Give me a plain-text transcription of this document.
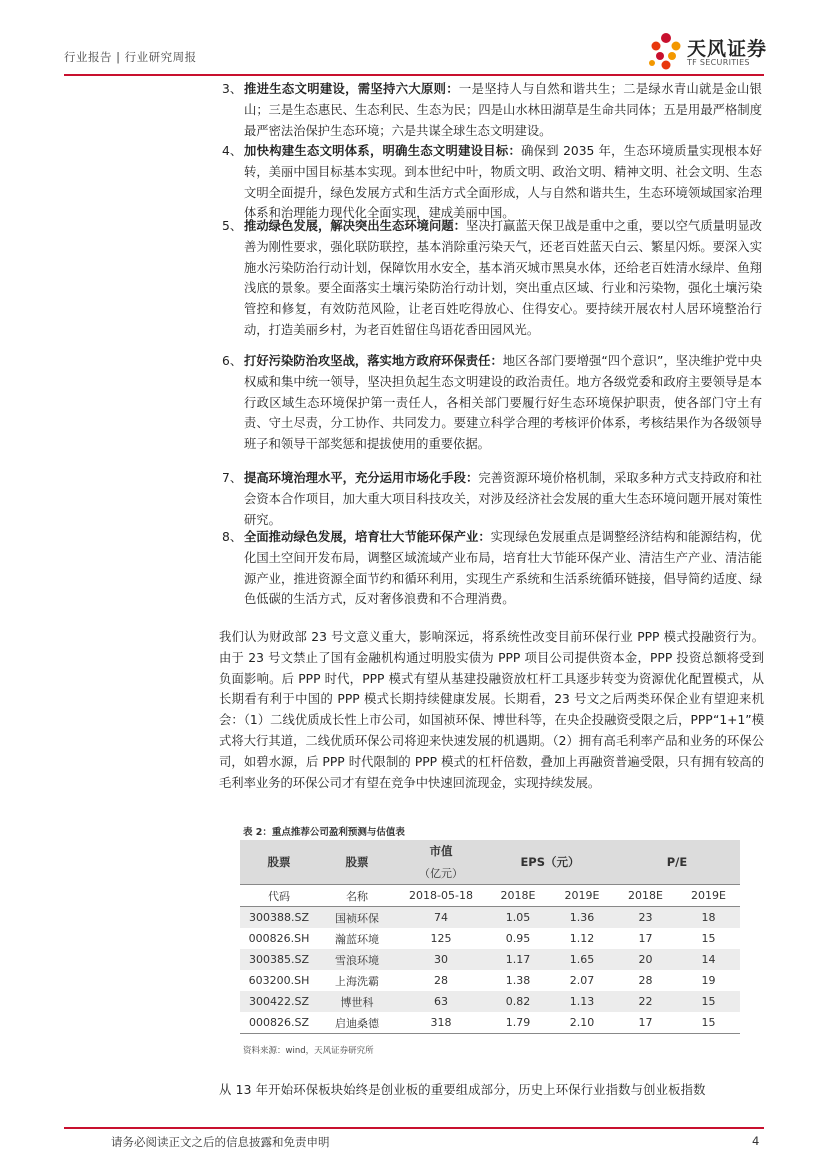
行业报告 | 行业研究周报	天风证券
TF SECURITIES
3、 推进生态文明建设，需坚持六大原则：一是坚持人与自然和谐共生；二是绿水青山就是金山银山；三是生态惠民、生态利民、生态为民；四是山水林田湖草是生命共同体；五是用最严格制度最严密法治保护生态环境；六是共谋全球生态文明建设。
4、 加快构建生态文明体系，明确生态文明建设目标：确保到 2035 年，生态环境质量实现根本好转，美丽中国目标基本实现。到本世纪中叶，物质文明、政治文明、精神文明、社会文明、生态文明全面提升，绿色发展方式和生活方式全面形成，人与自然和谐共生，生态环境领域国家治理体系和治理能力现代化全面实现，建成美丽中国。
5、 推动绿色发展，解决突出生态环境问题：坚决打赢蓝天保卫战是重中之重，要以空气质量明显改善为刚性要求，强化联防联控，基本消除重污染天气，还老百姓蓝天白云、繁星闪烁。要深入实施水污染防治行动计划，保障饮用水安全，基本消灭城市黑臭水体，还给老百姓清水绿岸、鱼翔浅底的景象。要全面落实土壤污染防治行动计划，突出重点区域、行业和污染物，强化土壤污染管控和修复，有效防范风险，让老百姓吃得放心、住得安心。要持续开展农村人居环境整治行动，打造美丽乡村，为老百姓留住鸟语花香田园风光。
6、 打好污染防治攻坚战，落实地方政府环保责任：地区各部门要增强“四个意识”，坚决维护党中央权威和集中统一领导，坚决担负起生态文明建设的政治责任。地方各级党委和政府主要领导是本行政区域生态环境保护第一责任人，各相关部门要履行好生态环境保护职责，使各部门守土有责、守土尽责，分工协作、共同发力。要建立科学合理的考核评价体系，考核结果作为各级领导班子和领导干部奖惩和提拔使用的重要依据。
7、 提高环境治理水平，充分运用市场化手段：完善资源环境价格机制，采取多种方式支持政府和社会资本合作项目，加大重大项目科技攻关，对涉及经济社会发展的重大生态环境问题开展对策性研究。
8、 全面推动绿色发展，培育壮大节能环保产业：实现绿色发展重点是调整经济结构和能源结构，优化国土空间开发布局，调整区域流域产业布局，培育壮大节能环保产业、清洁生产产业、清洁能源产业，推进资源全面节约和循环利用，实现生产系统和生活系统循环链接，倡导简约适度、绿色低碳的生活方式，反对奢侈浪费和不合理消费。
我们认为财政部 23 号文意义重大，影响深远，将系统性改变目前环保行业 PPP 模式投融资行为。由于 23 号文禁止了国有金融机构通过明股实债为 PPP 项目公司提供资本金，PPP 投资总额将受到负面影响。后 PPP 时代，PPP 模式有望从基建投融资放杠杆工具逐步转变为资源优化配置模式，从长期看有利于中国的 PPP 模式长期持续健康发展。长期看，23 号文之后两类环保企业有望迎来机会：（1）二线优质成长性上市公司，如国祯环保、博世科等，在央企投融资受限之后，PPP“1+1”模式将大行其道，二线优质环保公司将迎来快速发展的机遇期。（2）拥有高毛利率产品和业务的环保公司，如碧水源，后 PPP 时代限制的 PPP 模式的杠杆倍数，叠加上再融资普遍受限，只有拥有较高的毛利率业务的环保公司才有望在竞争中快速回流现金，实现持续发展。
表 2：重点推荐公司盈利预测与估值表
股票	股票	市值	EPS（元）		P/E	
		（亿元）				
代码	名称	2018-05-18	2018E	2019E	2018E	2019E
300388.SZ	国祯环保	74	1.05	1.36	23	18
000826.SH	瀚蓝环境	125	0.95	1.12	17	15
300385.SZ	雪浪环境	30	1.17	1.65	20	14
603200.SH	上海洗霸	28	1.38	2.07	28	19
300422.SZ	博世科	63	0.82	1.13	22	15
000826.SZ	启迪桑德	318	1.79	2.10	17	15
资料来源：wind，天风证券研究所
从 13 年开始环保板块始终是创业板的重要组成部分，历史上环保行业指数与创业板指数
请务必阅读正文之后的信息披露和免责申明	4
